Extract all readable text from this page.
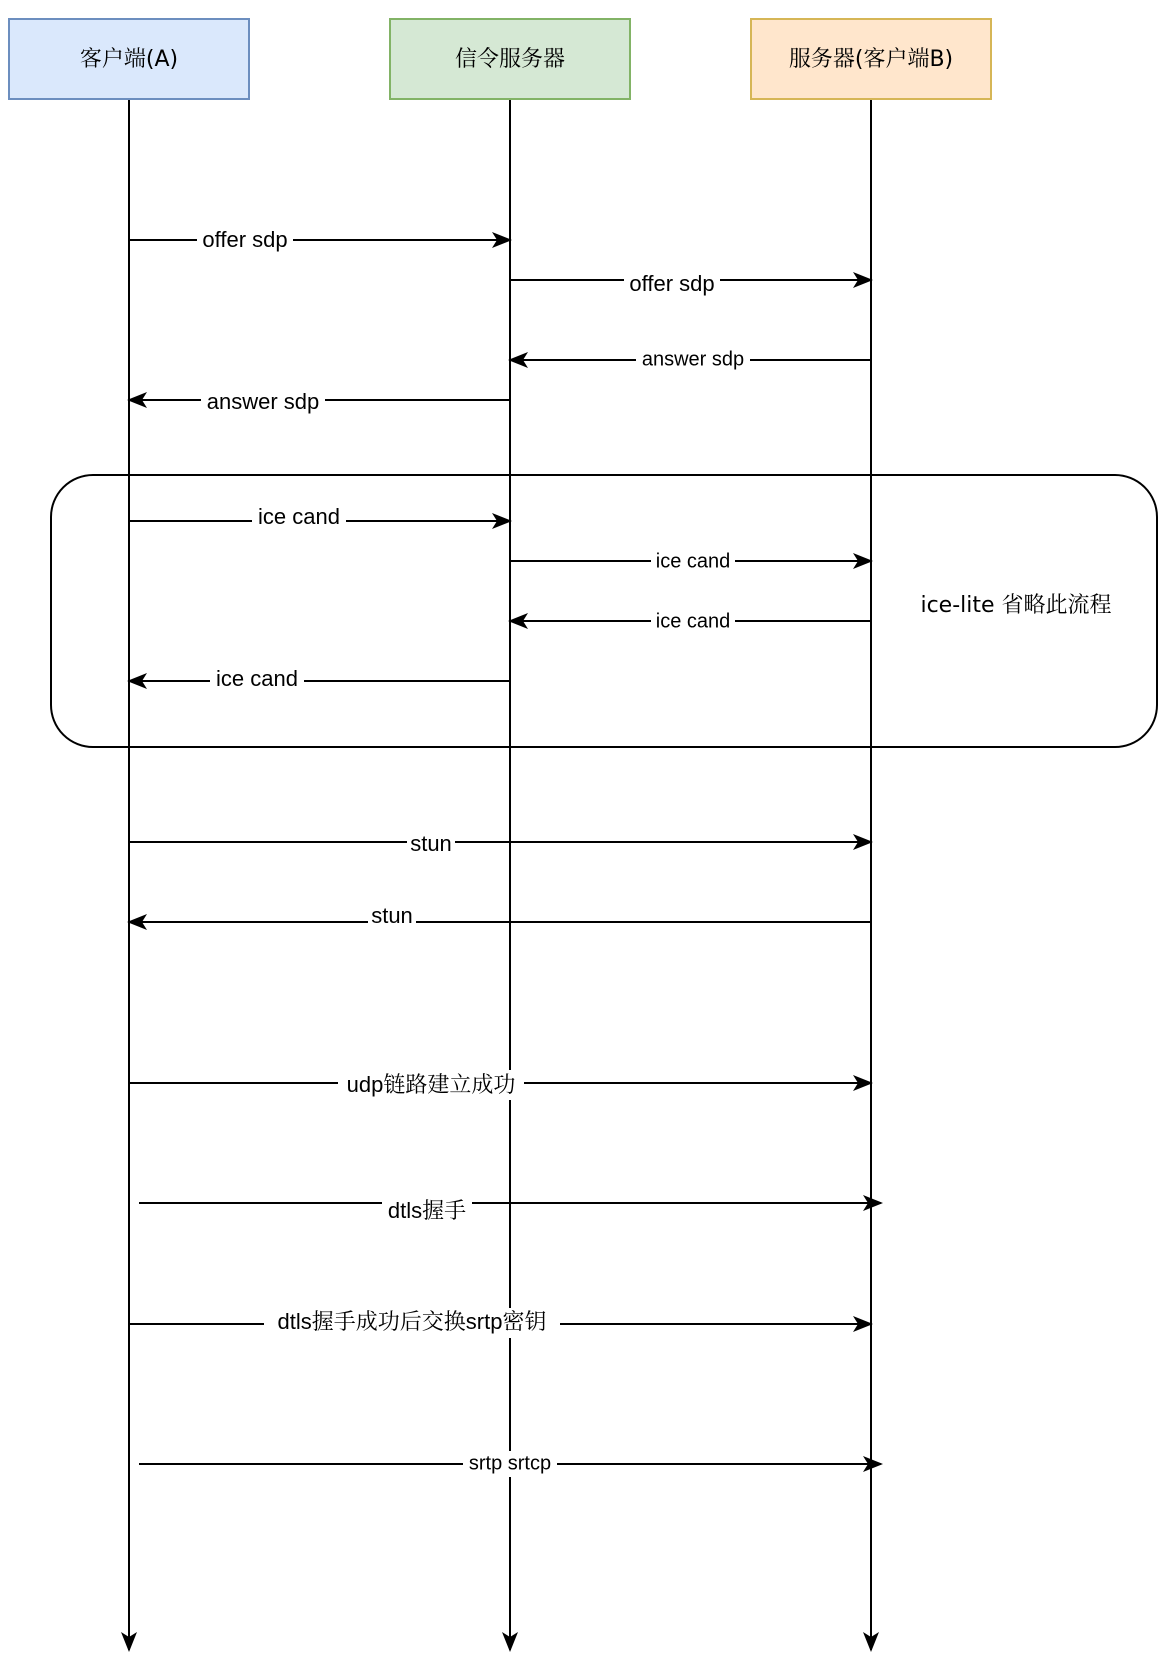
客户端(A)	信令服务器	服务器(客户端B)
ice-lite 省略此流程
offer sdp
offer sdp
answer sdp
answer sdp
ice cand
ice cand
ice cand
ice cand
stun
stun
udp链路建立成功
dtls握手
dtls握手成功后交换srtp密钥
srtp srtcp
